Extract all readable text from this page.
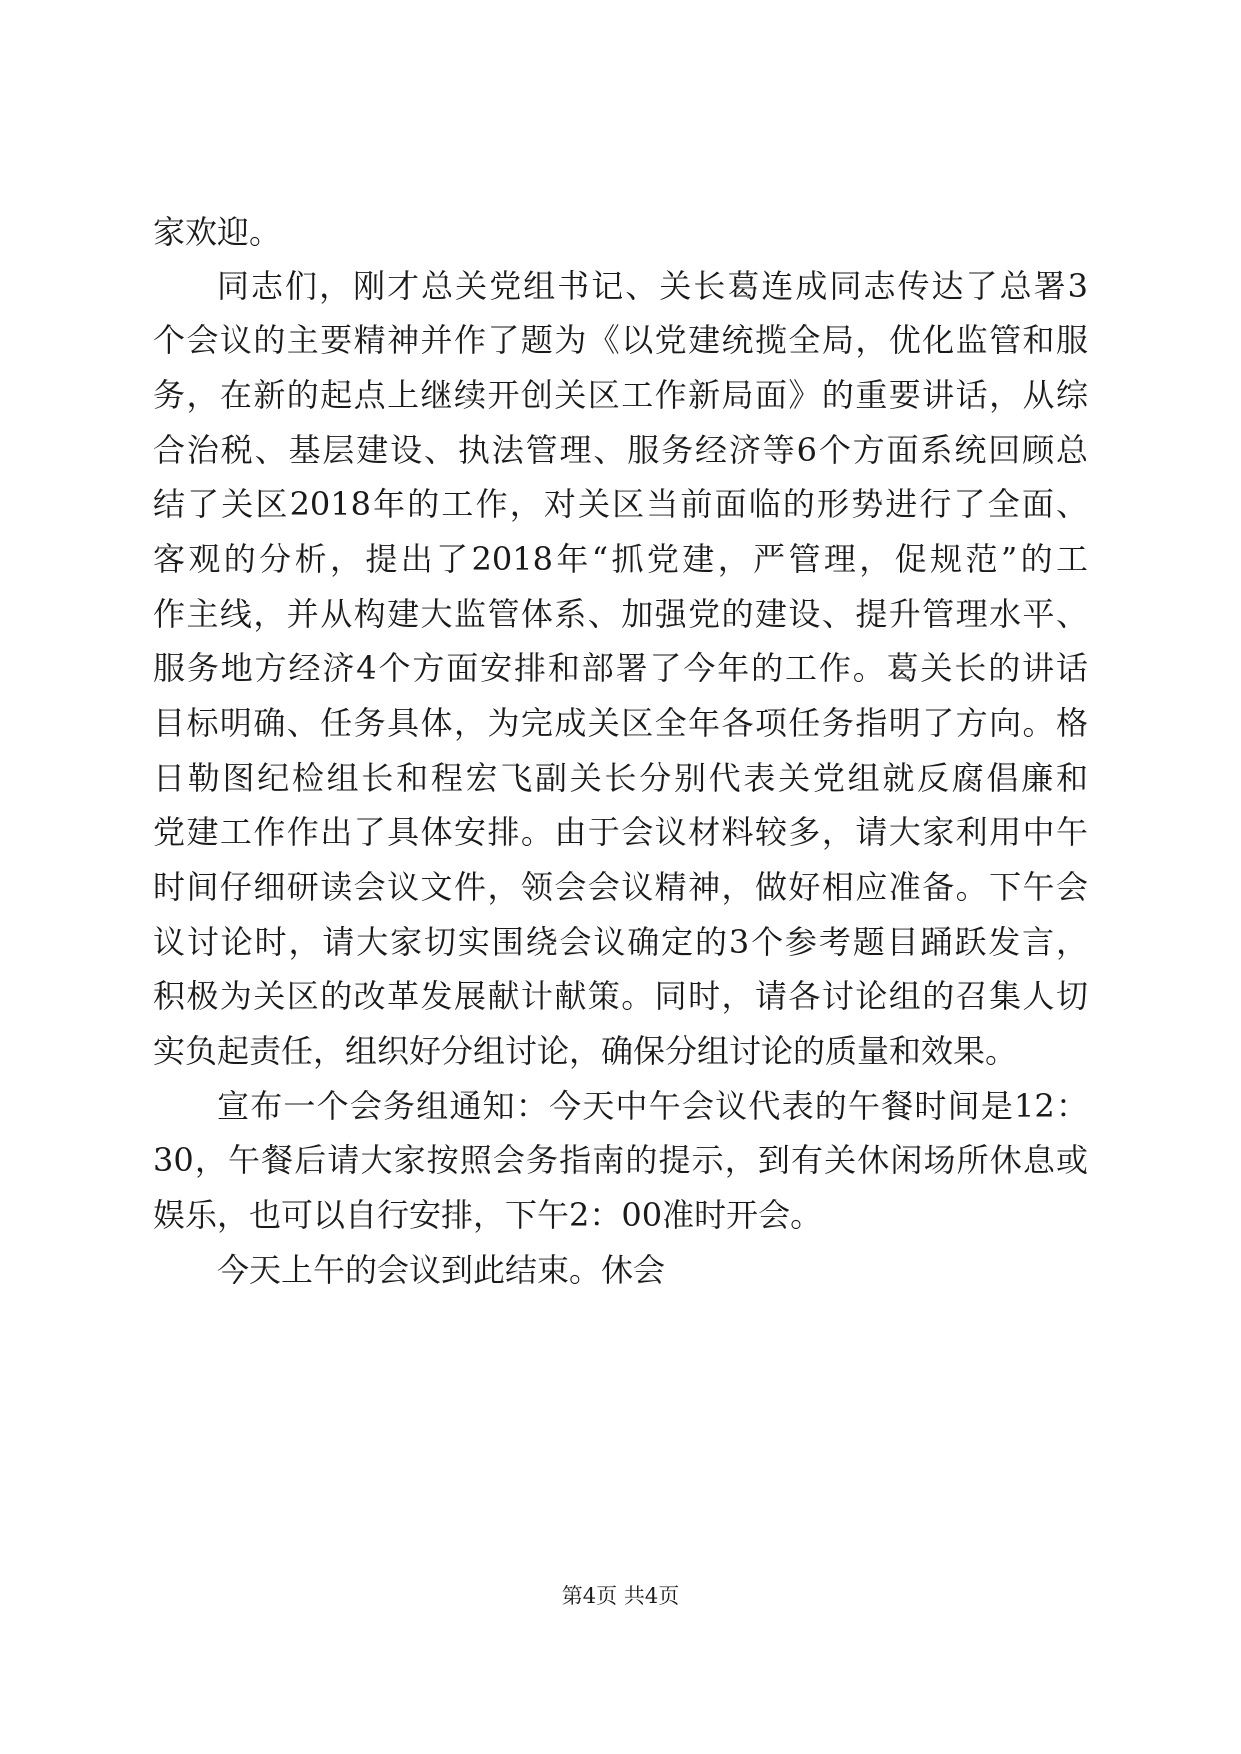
家欢迎。
同志们，刚才总关党组书记、关长葛连成同志传达了总署3
个会议的主要精神并作了题为《以党建统揽全局，优化监管和服
务，在新的起点上继续开创关区工作新局面》的重要讲话，从综
合治税、基层建设、执法管理、服务经济等6个方面系统回顾总
结了关区2018年的工作，对关区当前面临的形势进行了全面、
客观的分析，提出了2018年“抓党建，严管理，促规范”的工
作主线，并从构建大监管体系、加强党的建设、提升管理水平、
服务地方经济4个方面安排和部署了今年的工作。葛关长的讲话
目标明确、任务具体，为完成关区全年各项任务指明了方向。格
日勒图纪检组长和程宏飞副关长分别代表关党组就反腐倡廉和
党建工作作出了具体安排。由于会议材料较多，请大家利用中午
时间仔细研读会议文件，领会会议精神，做好相应准备。下午会
议讨论时，请大家切实围绕会议确定的3个参考题目踊跃发言，
积极为关区的改革发展献计献策。同时，请各讨论组的召集人切
实负起责任，组织好分组讨论，确保分组讨论的质量和效果。
宣布一个会务组通知：今天中午会议代表的午餐时间是12：
30，午餐后请大家按照会务指南的提示，到有关休闲场所休息或
娱乐，也可以自行安排，下午2：00准时开会。
今天上午的会议到此结束。休会
第4页 共4页
